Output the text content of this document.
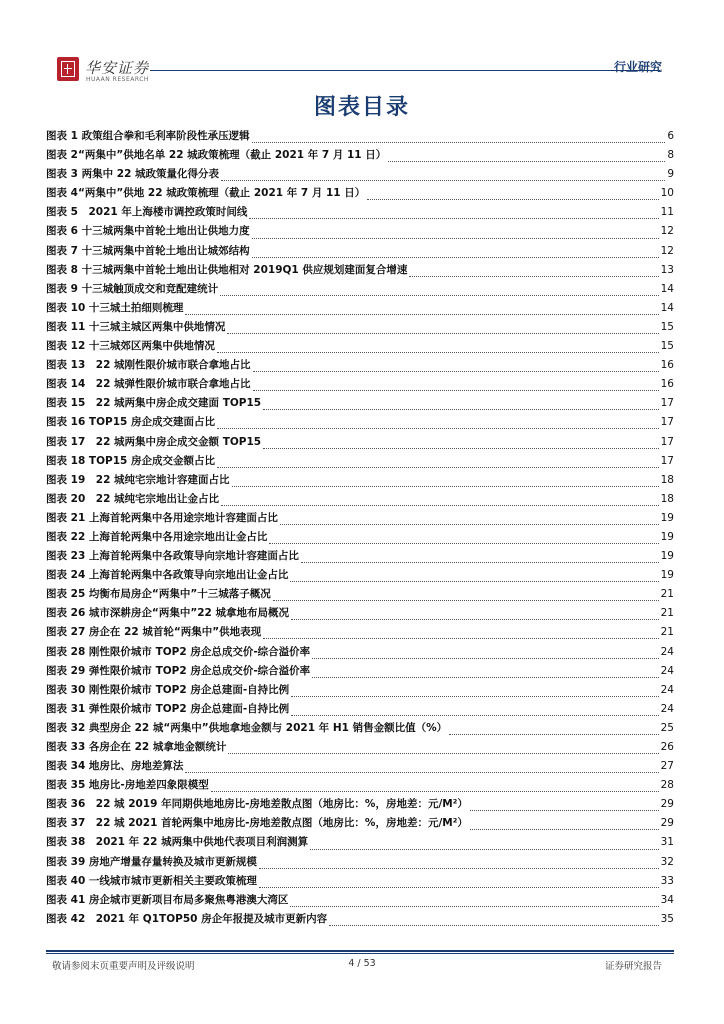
华安证券
HUAAN RESEARCH
行业研究
图表目录
图表 1 政策组合拳和毛利率阶段性承压逻辑	6
图表 2“两集中”供地名单 22 城政策梳理（截止 2021 年 7 月 11 日）	8
图表 3 两集中 22 城政策量化得分表	9
图表 4“两集中”供地 22 城政策梳理（截止 2021 年 7 月 11 日）	10
图表 5　2021 年上海楼市调控政策时间线	11
图表 6 十三城两集中首轮土地出让供地力度	12
图表 7 十三城两集中首轮土地出让城郊结构	12
图表 8 十三城两集中首轮土地出让供地相对 2019Q1 供应规划建面复合增速	13
图表 9 十三城触顶成交和竞配建统计	14
图表 10 十三城土拍细则梳理	14
图表 11 十三城主城区两集中供地情况	15
图表 12 十三城郊区两集中供地情况	15
图表 13　22 城刚性限价城市联合拿地占比	16
图表 14　22 城弹性限价城市联合拿地占比	16
图表 15　22 城两集中房企成交建面 TOP15	17
图表 16 TOP15 房企成交建面占比	17
图表 17　22 城两集中房企成交金额 TOP15	17
图表 18 TOP15 房企成交金额占比	17
图表 19　22 城纯宅宗地计容建面占比	18
图表 20　22 城纯宅宗地出让金占比	18
图表 21 上海首轮两集中各用途宗地计容建面占比	19
图表 22 上海首轮两集中各用途宗地出让金占比	19
图表 23 上海首轮两集中各政策导向宗地计容建面占比	19
图表 24 上海首轮两集中各政策导向宗地出让金占比	19
图表 25 均衡布局房企“两集中”十三城落子概况	21
图表 26 城市深耕房企“两集中”22 城拿地布局概况	21
图表 27 房企在 22 城首轮“两集中”供地表现	21
图表 28 刚性限价城市 TOP2 房企总成交价-综合溢价率	24
图表 29 弹性限价城市 TOP2 房企总成交价-综合溢价率	24
图表 30 刚性限价城市 TOP2 房企总建面-自持比例	24
图表 31 弹性限价城市 TOP2 房企总建面-自持比例	24
图表 32 典型房企 22 城“两集中”供地拿地金额与 2021 年 H1 销售金额比值（%）	25
图表 33 各房企在 22 城拿地金额统计	26
图表 34 地房比、房地差算法	27
图表 35 地房比-房地差四象限模型	28
图表 36　22 城 2019 年同期供地地房比-房地差散点图（地房比：%，房地差：元/M²）	29
图表 37　22 城 2021 首轮两集中地房比-房地差散点图（地房比：%，房地差：元/M²）	29
图表 38　2021 年 22 城两集中供地代表项目利润测算	31
图表 39 房地产增量存量转换及城市更新规模	32
图表 40 一线城市城市更新相关主要政策梳理	33
图表 41 房企城市更新项目布局多聚焦粤港澳大湾区	34
图表 42　2021 年 Q1TOP50 房企年报提及城市更新内容	35
敬请参阅末页重要声明及评级说明	4 / 53	证券研究报告
